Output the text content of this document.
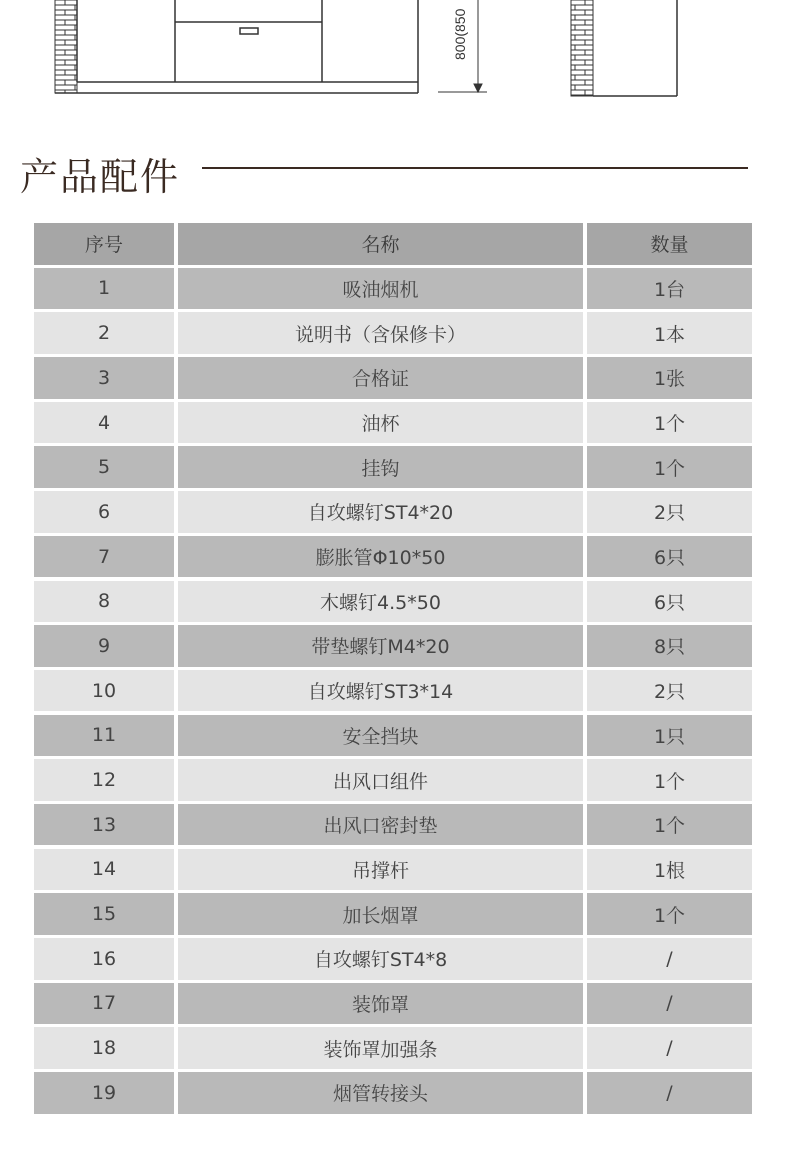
800(850
产品配件
序号	名称	数量
1	吸油烟机	1台
2	说明书（含保修卡）	1本
3	合格证	1张
4	油杯	1个
5	挂钩	1个
6	自攻螺钉ST4*20	2只
7	膨胀管Φ10*50	6只
8	木螺钉4.5*50	6只
9	带垫螺钉M4*20	8只
10	自攻螺钉ST3*14	2只
11	安全挡块	1只
12	出风口组件	1个
13	出风口密封垫	1个
14	吊撑杆	1根
15	加长烟罩	1个
16	自攻螺钉ST4*8	/
17	装饰罩	/
18	装饰罩加强条	/
19	烟管转接头	/
